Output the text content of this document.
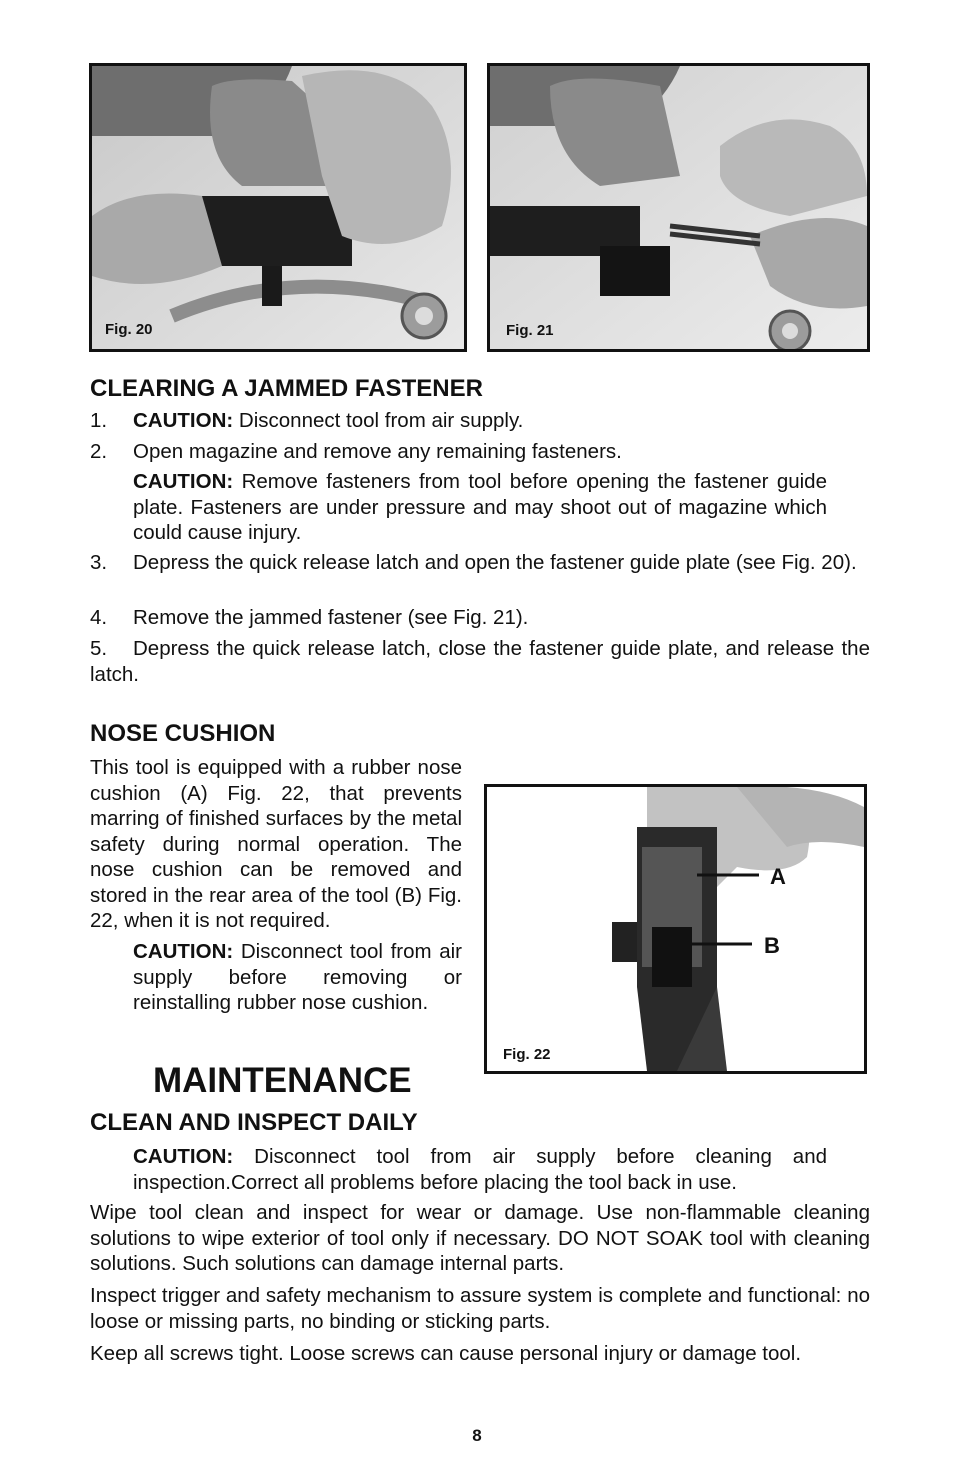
Fig. 20	Fig. 21
CLEARING A JAMMED FASTENER

1. CAUTION: Disconnect tool from air supply.

2. Open magazine and remove any remaining fasteners.

CAUTION: Remove fasteners from tool before opening the fastener guide plate. Fasteners are under pressure and may shoot out of magazine which could cause injury.

3. Depress the quick release latch and open the fastener guide plate (see Fig. 20).

4. Remove the jammed fastener (see Fig. 21).

5. Depress the quick release latch, close the fastener guide plate, and release the latch.

NOSE CUSHION

This tool is equipped with a rubber nose cushion (A) Fig. 22, that prevents marring of finished surfaces by the metal safety during normal operation. The nose cushion can be removed and stored in the rear area of the tool (B) Fig. 22, when it is not required.

CAUTION: Disconnect tool from air supply before removing or reinstalling rubber nose cushion.

A
B
Fig. 22
MAINTENANCE
CLEAN AND INSPECT DAILY

CAUTION: Disconnect tool from air supply before cleaning and inspection.Correct all problems before placing the tool back in use.

Wipe tool clean and inspect for wear or damage. Use non-flammable cleaning solutions to wipe exterior of tool only if necessary. DO NOT SOAK tool with cleaning solutions. Such solutions can damage internal parts.

Inspect trigger and safety mechanism to assure system is complete and functional: no loose or missing parts, no binding or sticking parts.

Keep all screws tight. Loose screws can cause personal injury or damage tool.

8
